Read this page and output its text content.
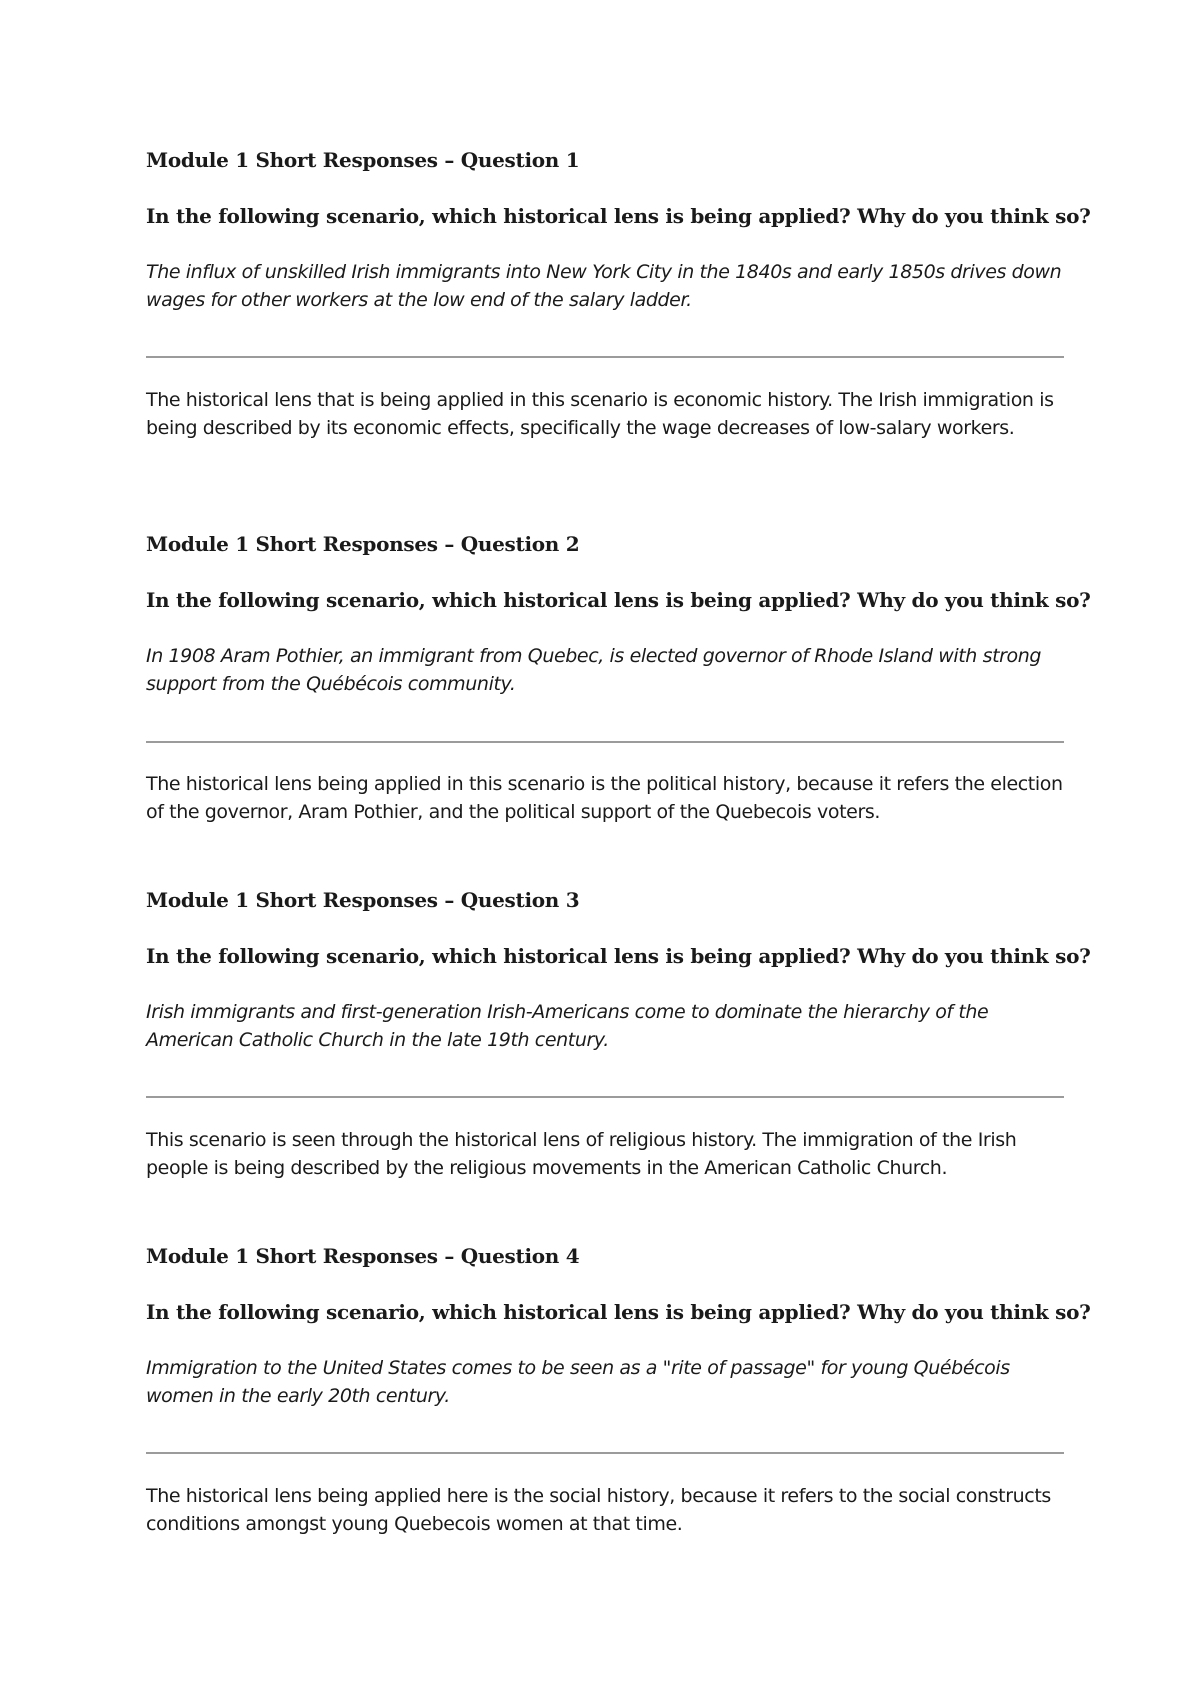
Module 1 Short Responses – Question 1
In the following scenario, which historical lens is being applied? Why do you think so?
The influx of unskilled Irish immigrants into New York City in the 1840s and early 1850s drives down wages for other workers at the low end of the salary ladder.
The historical lens that is being applied in this scenario is economic history. The Irish immigration is being described by its economic effects, specifically the wage decreases of low-salary workers.
Module 1 Short Responses – Question 2
In the following scenario, which historical lens is being applied? Why do you think so?
In 1908 Aram Pothier, an immigrant from Quebec, is elected governor of Rhode Island with strong support from the Québécois community.
The historical lens being applied in this scenario is the political history, because it refers the election of the governor, Aram Pothier, and the political support of the Quebecois voters.
Module 1 Short Responses – Question 3
In the following scenario, which historical lens is being applied? Why do you think so?
Irish immigrants and first-generation Irish-Americans come to dominate the hierarchy of the American Catholic Church in the late 19th century.
This scenario is seen through the historical lens of religious history. The immigration of the Irish people is being described by the religious movements in the American Catholic Church.
Module 1 Short Responses – Question 4
In the following scenario, which historical lens is being applied? Why do you think so?
Immigration to the United States comes to be seen as a "rite of passage" for young Québécois women in the early 20th century.
The historical lens being applied here is the social history, because it refers to the social constructs conditions amongst young Quebecois women at that time.
